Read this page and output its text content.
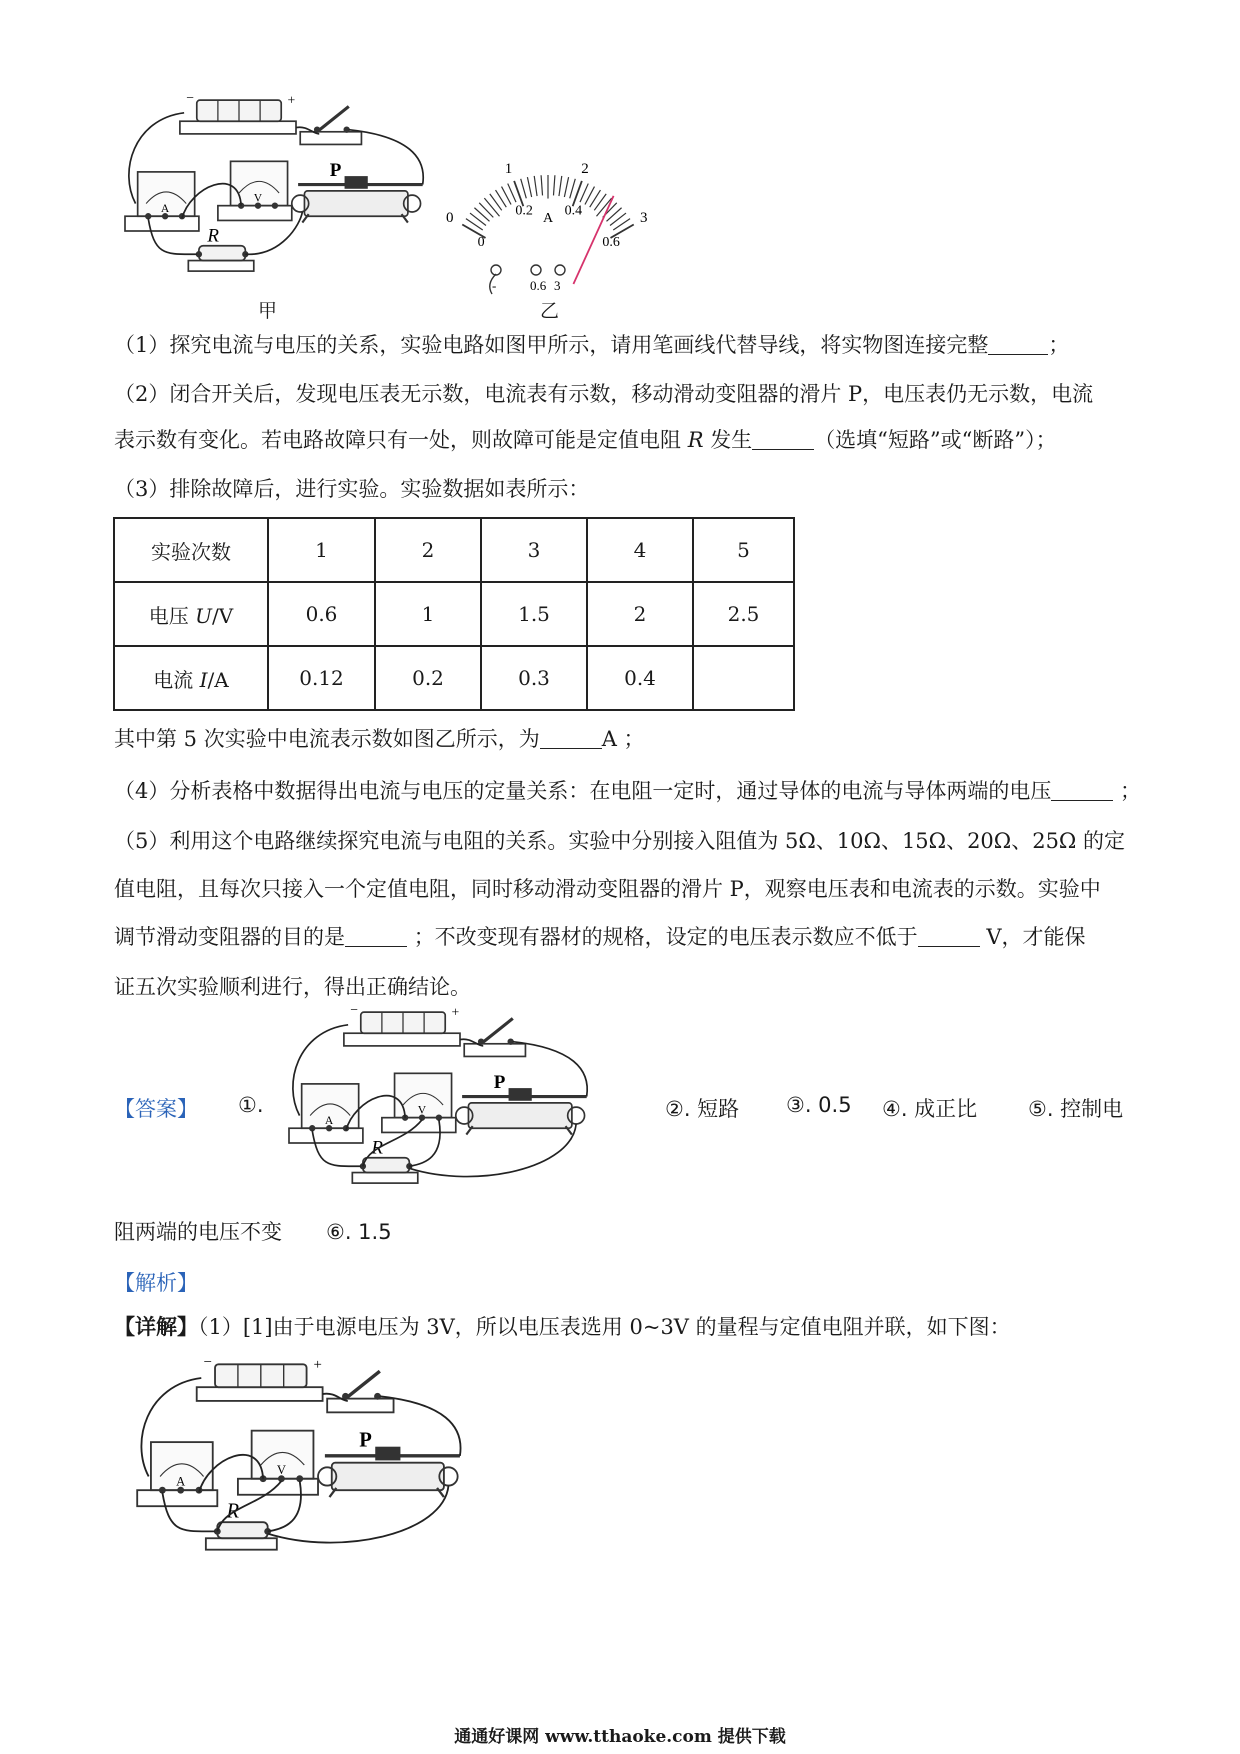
P
R
甲
0
1	2
3
0
0.2 0.4
0.6
A
-	0.6 3
乙
（1）探究电流与电压的关系，实验电路如图甲所示，请用笔画线代替导线，将实物图连接完整	；
（2）闭合开关后，发现电压表无示数，电流表有示数，移动滑动变阻器的滑片 P，电压表仍无示数，电流
表示数有变化。若电路故障只有一处，则故障可能是定值电阻 R 发生	（选填“短路”或“断路”）；
（3）排除故障后，进行实验。实验数据如表所示：
实验次数	1	2	3	4	5
电压 U/V	0.6	1	1.5	2	2.5
电流 I/A	0.12	0.2	0.3	0.4	
其中第 5 次实验中电流表示数如图乙所示，为	A ；
（4）分析表格中数据得出电流与电压的定量关系：在电阻一定时，通过导体的电流与导体两端的电压	；
（5）利用这个电路继续探究电流与电阻的关系。实验中分别接入阻值为 5Ω、10Ω、15Ω、20Ω、25Ω 的定
值电阻，且每次只接入一个定值电阻，同时移动滑动变阻器的滑片 P，观察电压表和电流表的示数。实验中
调节滑动变阻器的目的是	；不改变现有器材的规格，设定的电压表示数应不低于	V，才能保
证五次实验顺利进行，得出正确结论。
【答案】 ①.
P
R
②. 短路 ③. 0.5 ④. 成正比 ⑤. 控制电
阻两端的电压不变 ⑥. 1.5
【解析】
【详解】（1）[1]由于电源电压为 3V，所以电压表选用 0~3V 的量程与定值电阻并联，如下图：
P
R
通通好课网 www.tthaoke.com 提供下载
